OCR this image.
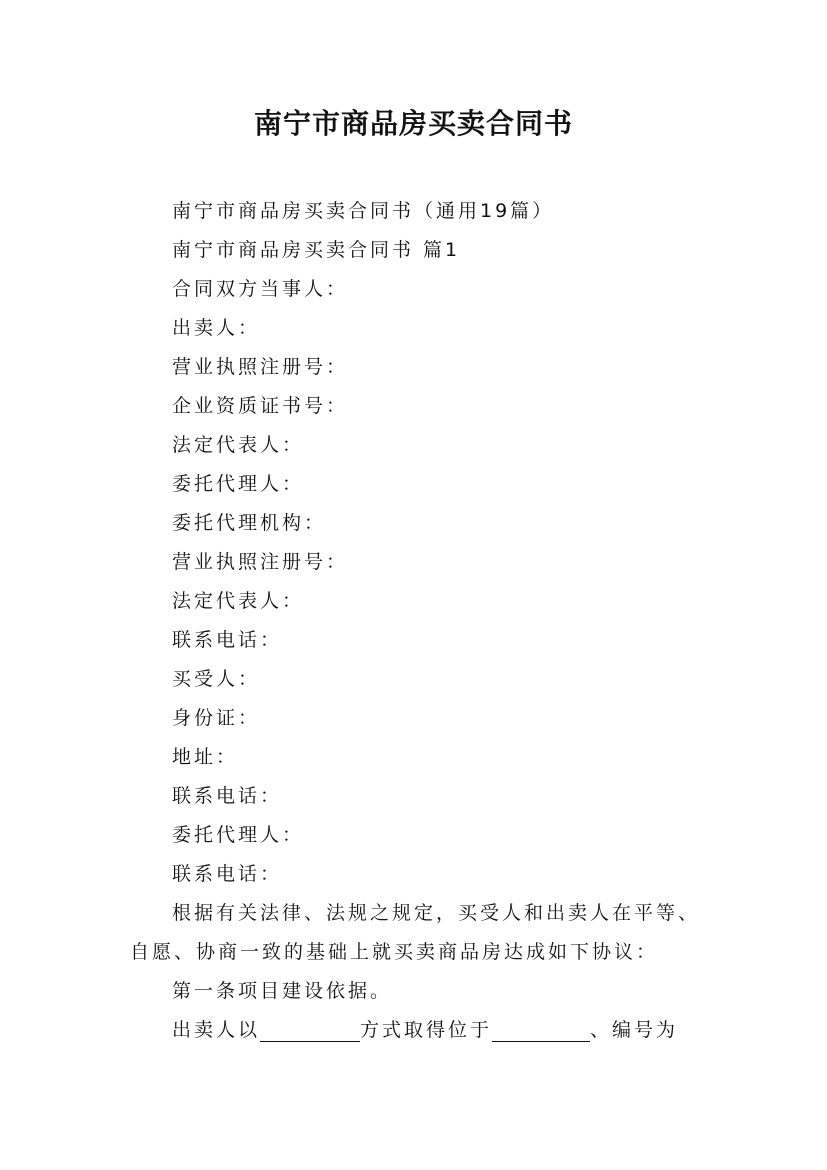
南宁市商品房买卖合同书
南宁市商品房买卖合同书（通用19篇）
南宁市商品房买卖合同书 篇1
合同双方当事人：
出卖人：
营业执照注册号：
企业资质证书号：
法定代表人：
委托代理人：
委托代理机构：
营业执照注册号：
法定代表人：
联系电话：
买受人：
身份证：
地址：
联系电话：
委托代理人：
联系电话：
根据有关法律、法规之规定，买受人和出卖人在平等、
自愿、协商一致的基础上就买卖商品房达成如下协议：
第一条项目建设依据。
出卖人以	方式取得位于	、编号为
